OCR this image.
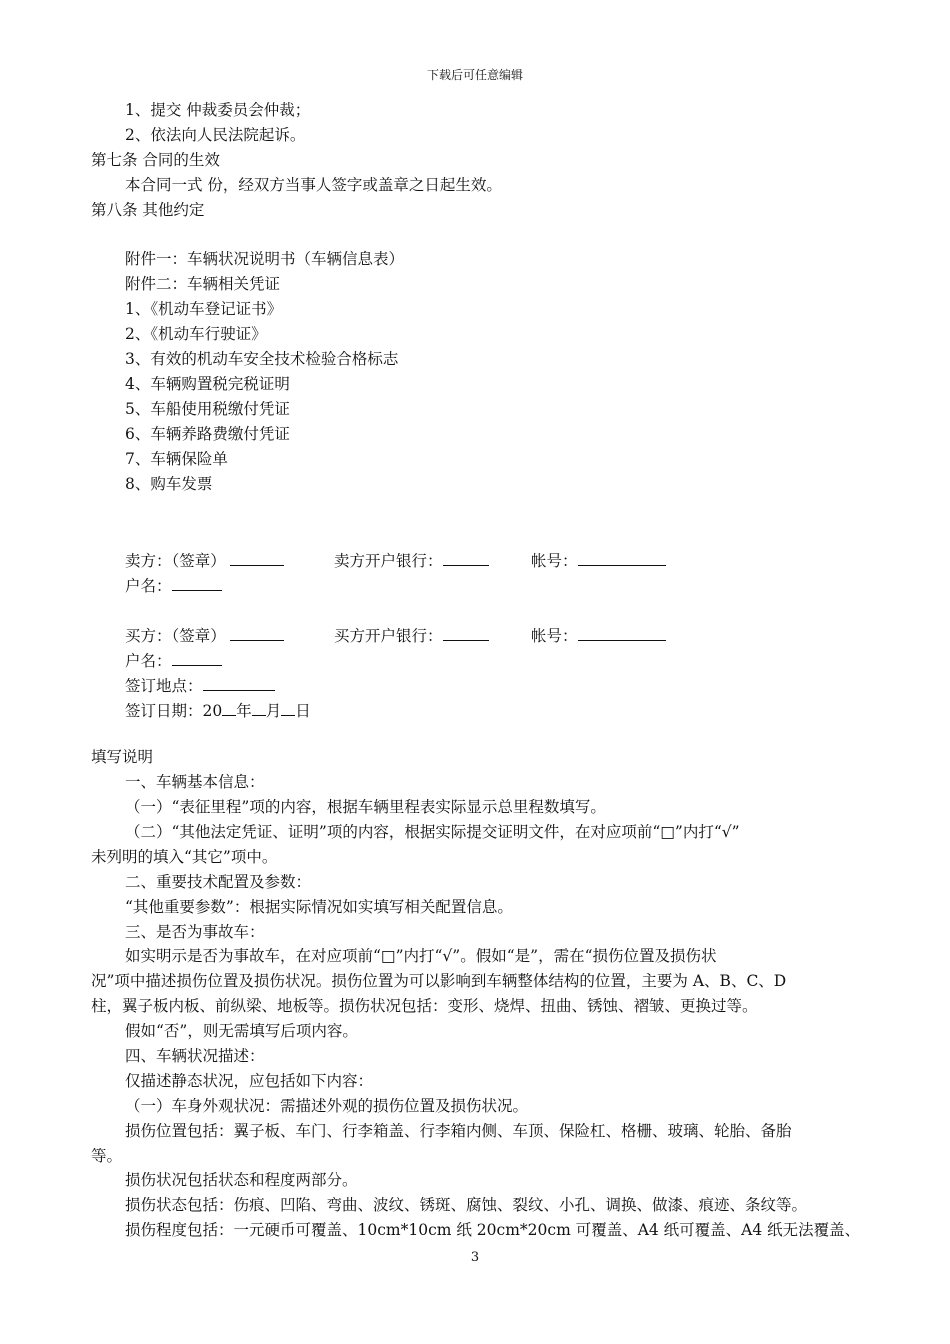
下载后可任意编辑
1、提交 仲裁委员会仲裁；
2、依法向人民法院起诉。
第七条 合同的生效
本合同一式 份，经双方当事人签字或盖章之日起生效。
第八条 其他约定
附件一：车辆状况说明书（车辆信息表）
附件二：车辆相关凭证
1、《机动车登记证书》
2、《机动车行驶证》
3、有效的机动车安全技术检验合格标志
4、车辆购置税完税证明
5、车船使用税缴付凭证
6、车辆养路费缴付凭证
7、车辆保险单
8、购车发票
卖方：（签章）	卖方开户银行：	帐号：
户名：
买方：（签章）	买方开户银行：	帐号：
户名：
签订地点：
签订日期：20 年 月 日
填写说明
一、车辆基本信息：
（一）“表征里程”项的内容，根据车辆里程表实际显示总里程数填写。
（二）“其他法定凭证、证明”项的内容，根据实际提交证明文件，在对应项前“□”内打“√”
未列明的填入“其它”项中。
二、重要技术配置及参数：
“其他重要参数”：根据实际情况如实填写相关配置信息。
三、是否为事故车：
如实明示是否为事故车，在对应项前“□”内打“√”。假如“是”，需在“损伤位置及损伤状
况”项中描述损伤位置及损伤状况。损伤位置为可以影响到车辆整体结构的位置，主要为 A、B、C、D
柱，翼子板内板、前纵梁、地板等。损伤状况包括：变形、烧焊、扭曲、锈蚀、褶皱、更换过等。
假如“否”，则无需填写后项内容。
四、车辆状况描述：
仅描述静态状况，应包括如下内容：
（一）车身外观状况：需描述外观的损伤位置及损伤状况。
损伤位置包括：翼子板、车门、行李箱盖、行李箱内侧、车顶、保险杠、格栅、玻璃、轮胎、备胎
等。
损伤状况包括状态和程度两部分。
损伤状态包括：伤痕、凹陷、弯曲、波纹、锈斑、腐蚀、裂纹、小孔、调换、做漆、痕迹、条纹等。
损伤程度包括：一元硬币可覆盖、10cm*10cm 纸 20cm*20cm 可覆盖、A4 纸可覆盖、A4 纸无法覆盖、
3
